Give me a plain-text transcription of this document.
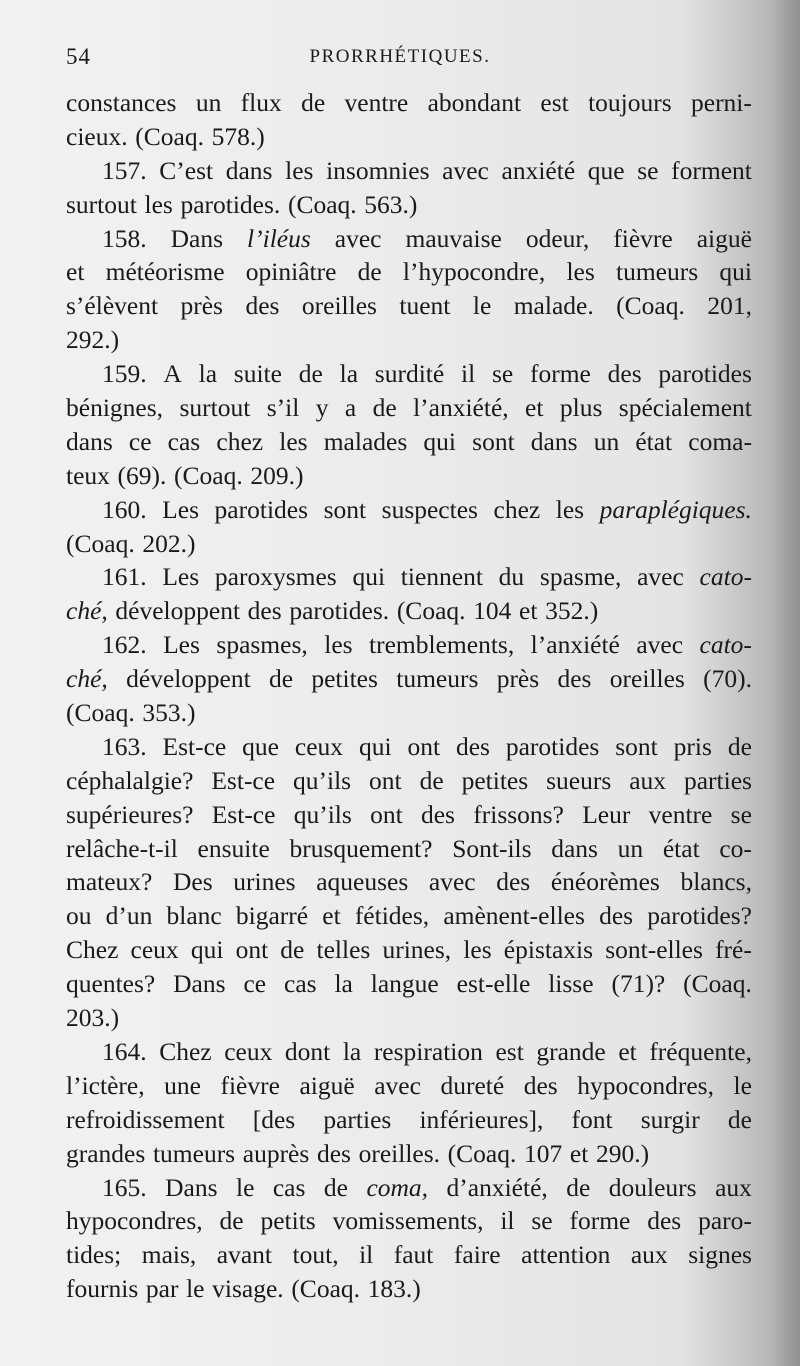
54	PRORRHÉTIQUES.
constances un flux de ventre abondant est toujours perni-
cieux. (Coaq. 578.)
157. C’est dans les insomnies avec anxiété que se forment
surtout les parotides. (Coaq. 563.)
158. Dans l’iléus avec mauvaise odeur, fièvre aiguë
et météorisme opiniâtre de l’hypocondre, les tumeurs qui
s’élèvent près des oreilles tuent le malade. (Coaq. 201,
292.)
159. A la suite de la surdité il se forme des parotides
bénignes, surtout s’il y a de l’anxiété, et plus spécialement
dans ce cas chez les malades qui sont dans un état coma-
teux (69). (Coaq. 209.)
160. Les parotides sont suspectes chez les paraplégiques.
(Coaq. 202.)
161. Les paroxysmes qui tiennent du spasme, avec cato-
ché, développent des parotides. (Coaq. 104 et 352.)
162. Les spasmes, les tremblements, l’anxiété avec cato-
ché, développent de petites tumeurs près des oreilles (70).
(Coaq. 353.)
163. Est-ce que ceux qui ont des parotides sont pris de
céphalalgie? Est-ce qu’ils ont de petites sueurs aux parties
supérieures? Est-ce qu’ils ont des frissons? Leur ventre se
relâche-t-il ensuite brusquement? Sont-ils dans un état co-
mateux? Des urines aqueuses avec des énéorèmes blancs,
ou d’un blanc bigarré et fétides, amènent-elles des parotides?
Chez ceux qui ont de telles urines, les épistaxis sont-elles fré-
quentes? Dans ce cas la langue est-elle lisse (71)? (Coaq.
203.)
164. Chez ceux dont la respiration est grande et fréquente,
l’ictère, une fièvre aiguë avec dureté des hypocondres, le
refroidissement [des parties inférieures], font surgir de
grandes tumeurs auprès des oreilles. (Coaq. 107 et 290.)
165. Dans le cas de coma, d’anxiété, de douleurs aux
hypocondres, de petits vomissements, il se forme des paro-
tides; mais, avant tout, il faut faire attention aux signes
fournis par le visage. (Coaq. 183.)
